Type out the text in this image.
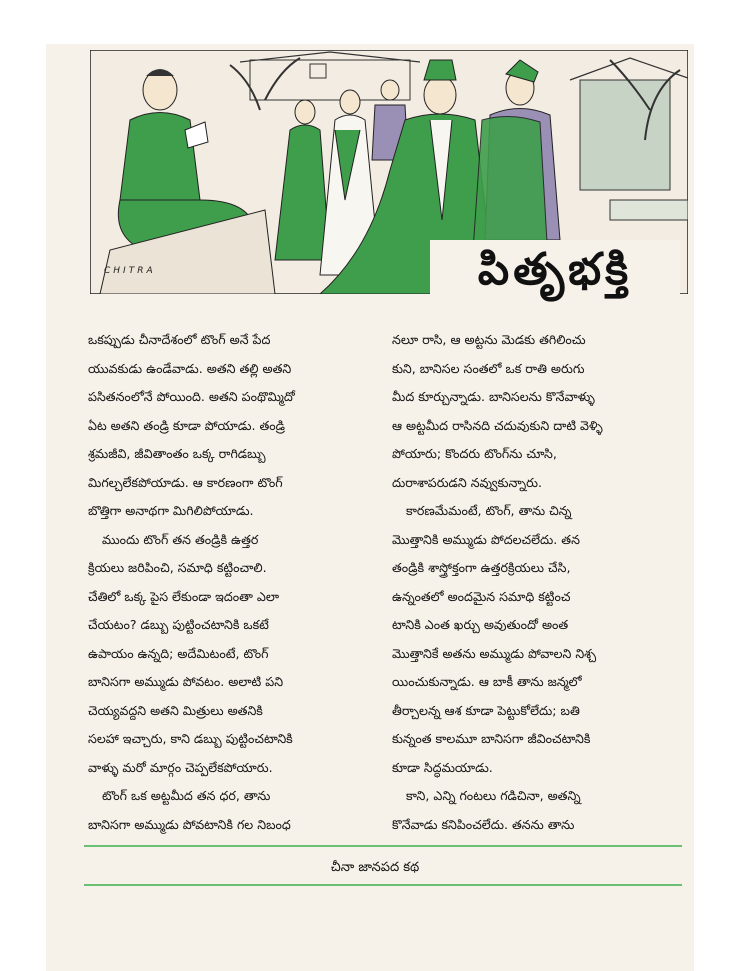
CHITRA	పితృభక్తి
ఒకప్పుడు చీనాదేశంలో టొంగ్ అనే పేద
యువకుడు ఉండేవాడు. అతని తల్లి అతని
పసితనంలోనే పోయింది. అతని పంథొమ్మిదో
ఏట అతని తండ్రి కూడా పోయాడు. తండ్రి
శ్రమజీవి, జీవితాంతం ఒక్క రాగిడబ్బు
మిగల్చలేకపోయాడు. ఆ కారణంగా టొంగ్
బొత్తిగా అనాథగా మిగిలిపోయాడు.
ముందు టొంగ్ తన తండ్రికి ఉత్తర
క్రియలు జరిపించి, సమాధి కట్టించాలి.
చేతిలో ఒక్క పైస లేకుండా ఇదంతా ఎలా
చేయటం? డబ్బు పుట్టించటానికి ఒకటే
ఉపాయం ఉన్నది; అదేమిటంటే, టొంగ్
బానిసగా అమ్ముడు పోవటం. అలాటి పని
చెయ్యవద్దని అతని మిత్రులు అతనికి
సలహా ఇచ్చారు, కాని డబ్బు పుట్టించటానికి
వాళ్ళు మరో మార్గం చెప్పలేకపోయారు.
టొంగ్ ఒక అట్టమీద తన ధర, తాను
బానిసగా అమ్ముడు పోవటానికి గల నిబంధ
నలూ రాసి, ఆ అట్టను మెడకు తగిలించు
కుని, బానిసల సంతలో ఒక రాతి అరుగు
మీద కూర్చున్నాడు. బానిసలను కొనేవాళ్ళు
ఆ అట్టమీద రాసినది చదువుకుని దాటి వెళ్ళి
పోయారు; కొందరు టొంగ్‌ను చూసి,
దురాశాపరుడని నవ్వుకున్నారు.
కారణమేమంటే, టొంగ్, తాను చిన్న
మొత్తానికి అమ్ముడు పోదలచలేదు. తన
తండ్రికి శాస్త్రోక్తంగా ఉత్తరక్రియలు చేసి,
ఉన్నంతలో అందమైన సమాధి కట్టించ
టానికి ఎంత ఖర్చు అవుతుందో అంత
మొత్తానికే అతను అమ్ముడు పోవాలని నిశ్చ
యించుకున్నాడు. ఆ బాకీ తాను జన్మలో
తీర్చాలన్న ఆశ కూడా పెట్టుకోలేదు; బతి
కున్నంత కాలమూ బానిసగా జీవించటానికి
కూడా సిద్ధమయాడు.
కాని, ఎన్ని గంటలు గడిచినా, అతన్ని
కొనేవాడు కనిపించలేదు. తనను తాను
చీనా జానపద కథ
